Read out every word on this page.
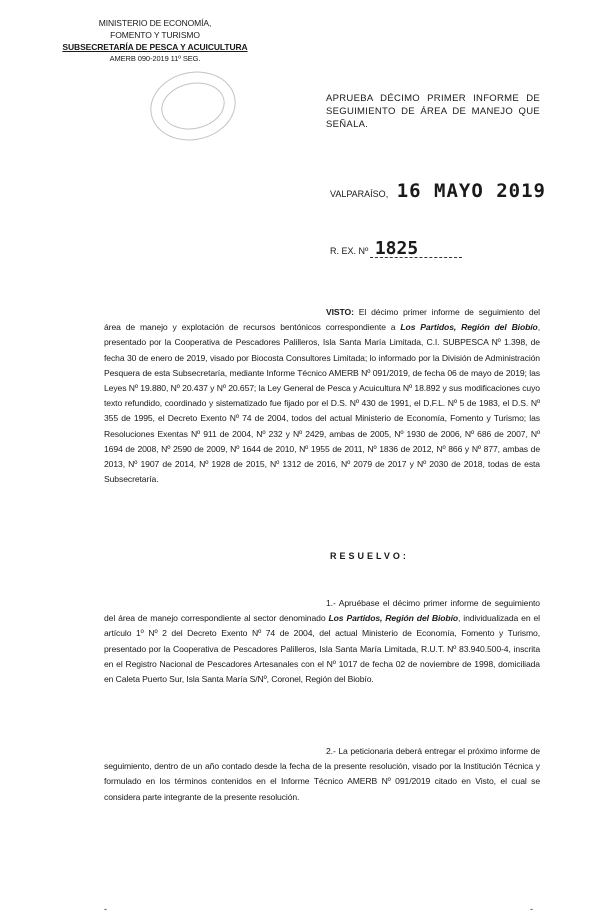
MINISTERIO DE ECONOMÍA,
FOMENTO Y TURISMO
SUBSECRETARÍA DE PESCA Y ACUICULTURA
AMERB 090-2019 11º SEG.
APRUEBA DÉCIMO PRIMER INFORME DE SEGUIMIENTO DE ÁREA DE MANEJO QUE SEÑALA.
VALPARAÍSO, 16 MAYO 2019
R. EX. Nº 1825
VISTO: El décimo primer informe de seguimiento del área de manejo y explotación de recursos bentónicos correspondiente a Los Partidos, Región del Biobío, presentado por la Cooperativa de Pescadores Palilleros, Isla Santa María Limitada, C.I. SUBPESCA Nº 1.398, de fecha 30 de enero de 2019, visado por Biocosta Consultores Limitada; lo informado por la División de Administración Pesquera de esta Subsecretaría, mediante Informe Técnico AMERB Nº 091/2019, de fecha 06 de mayo de 2019; las Leyes Nº 19.880, Nº 20.437 y Nº 20.657; la Ley General de Pesca y Acuicultura Nº 18.892 y sus modificaciones cuyo texto refundido, coordinado y sistematizado fue fijado por el D.S. Nº 430 de 1991, el D.F.L. Nº 5 de 1983, el D.S. Nº 355 de 1995, el Decreto Exento Nº 74 de 2004, todos del actual Ministerio de Economía, Fomento y Turismo; las Resoluciones Exentas Nº 911 de 2004, Nº 232 y Nº 2429, ambas de 2005, Nº 1930 de 2006, Nº 686 de 2007, Nº 1694 de 2008, Nº 2590 de 2009, Nº 1644 de 2010, Nº 1955 de 2011, Nº 1836 de 2012, Nº 866 y Nº 877, ambas de 2013, Nº 1907 de 2014, Nº 1928 de 2015, Nº 1312 de 2016, Nº 2079 de 2017 y Nº 2030 de 2018, todas de esta Subsecretaría.
RESUELVO:
1.- Apruébase el décimo primer informe de seguimiento del área de manejo correspondiente al sector denominado Los Partidos, Región del Biobío, individualizada en el artículo 1º Nº 2 del Decreto Exento Nº 74 de 2004, del actual Ministerio de Economía, Fomento y Turismo, presentado por la Cooperativa de Pescadores Palilleros, Isla Santa María Limitada, R.U.T. Nº 83.940.500-4, inscrita en el Registro Nacional de Pescadores Artesanales con el Nº 1017 de fecha 02 de noviembre de 1998, domiciliada en Caleta Puerto Sur, Isla Santa María S/Nº, Coronel, Región del Biobío.
2.- La peticionaria deberá entregar el próximo informe de seguimiento, dentro de un año contado desde la fecha de la presente resolución, visado por la Institución Técnica y formulado en los términos contenidos en el Informe Técnico AMERB Nº 091/2019 citado en Visto, el cual se considera parte integrante de la presente resolución.
-	-
